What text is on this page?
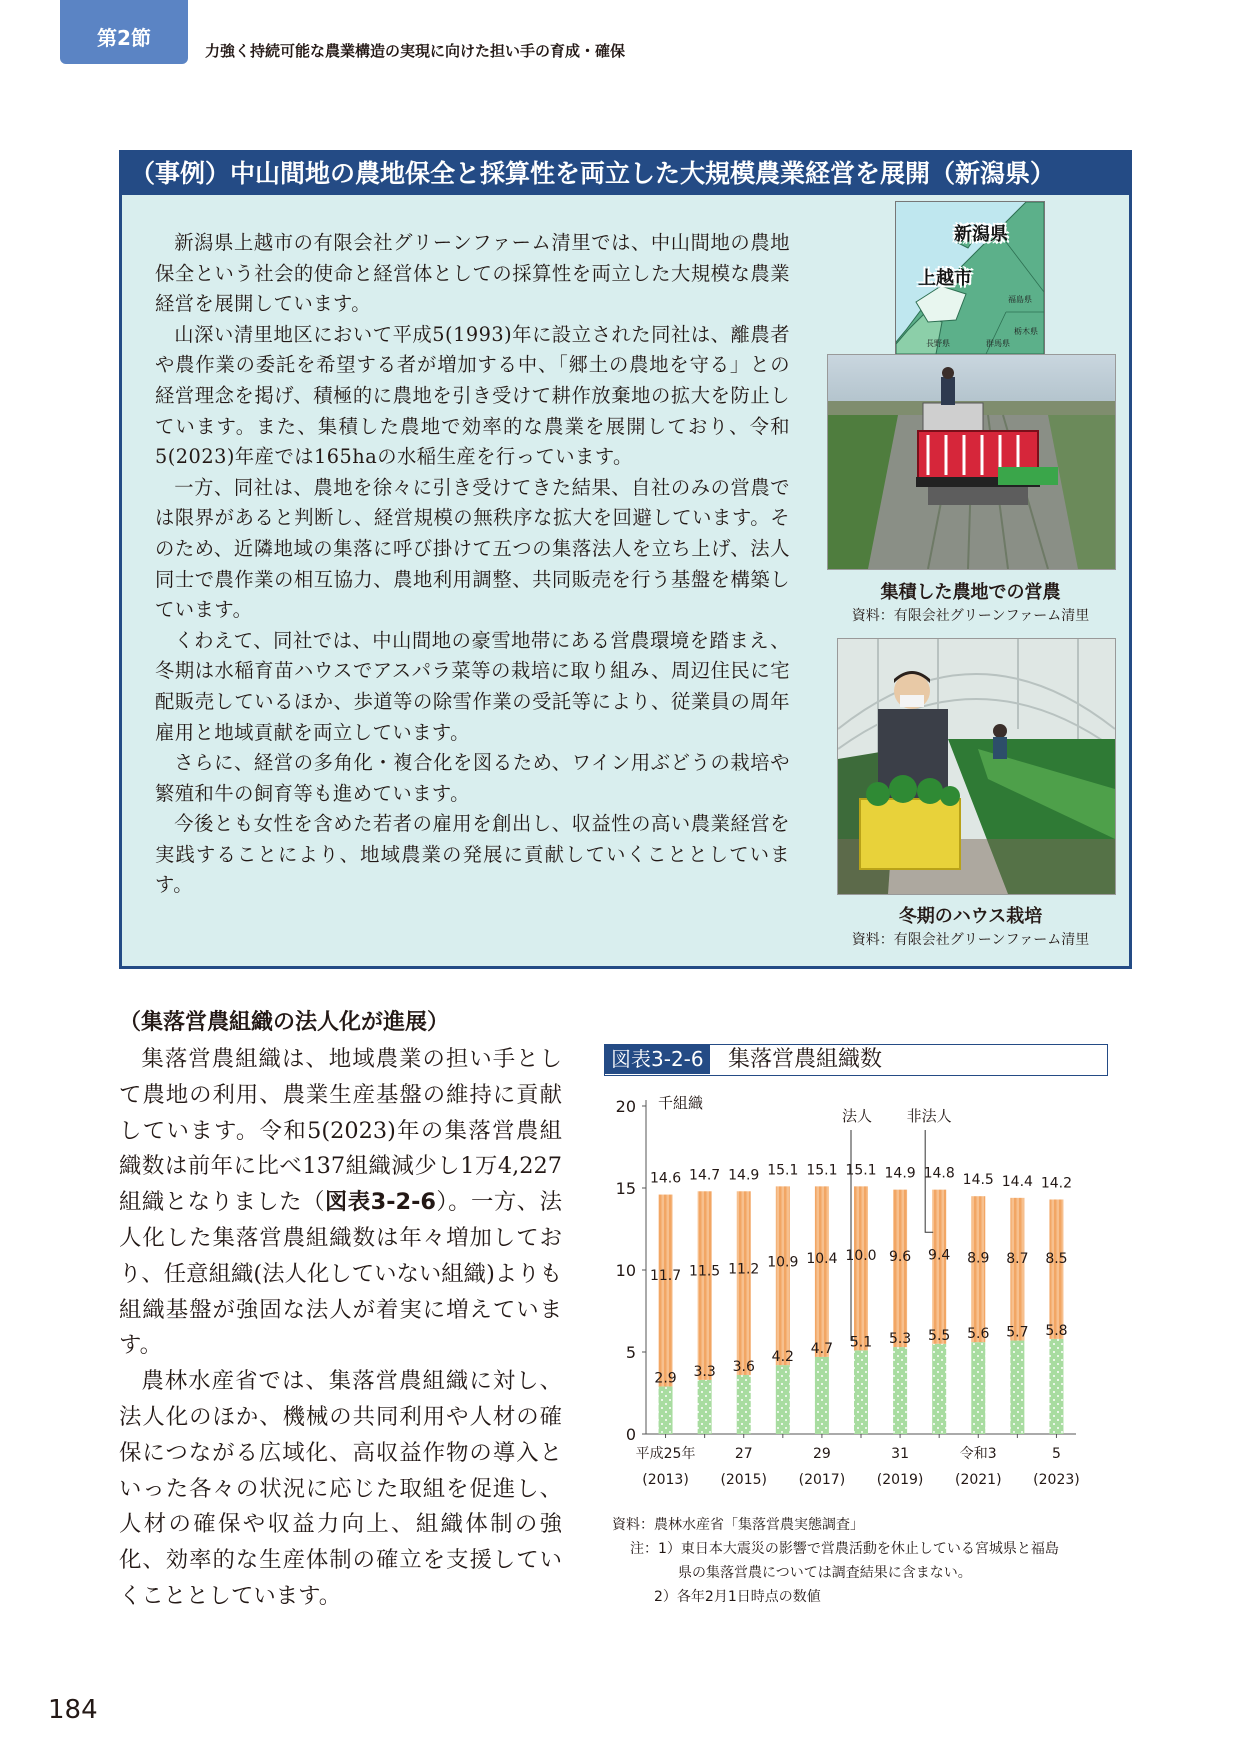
第2節
力強く持続可能な農業構造の実現に向けた担い手の育成・確保
（事例）中山間地の農地保全と採算性を両立した大規模農業経営を展開（新潟県）

新潟県上越市の有限会社グリーンファーム清里では、中山間地の農地保全という社会的使命と経営体としての採算性を両立した大規模な農業経営を展開しています。

山深い清里地区において平成5(1993)年に設立された同社は、離農者や農作業の委託を希望する者が増加する中、「郷土の農地を守る」との経営理念を掲げ、積極的に農地を引き受けて耕作放棄地の拡大を防止しています。また、集積した農地で効率的な農業を展開しており、令和5(2023)年産では165haの水稲生産を行っています。

一方、同社は、農地を徐々に引き受けてきた結果、自社のみの営農では限界があると判断し、経営規模の無秩序な拡大を回避しています。そのため、近隣地域の集落に呼び掛けて五つの集落法人を立ち上げ、法人同士で農作業の相互協力、農地利用調整、共同販売を行う基盤を構築しています。

くわえて、同社では、中山間地の豪雪地帯にある営農環境を踏まえ、冬期は水稲育苗ハウスでアスパラ菜等の栽培に取り組み、周辺住民に宅配販売しているほか、歩道等の除雪作業の受託等により、従業員の周年雇用と地域貢献を両立しています。

さらに、経営の多角化・複合化を図るため、ワイン用ぶどうの栽培や繁殖和牛の飼育等も進めています。

今後とも女性を含めた若者の雇用を創出し、収益性の高い農業経営を実践することにより、地域農業の発展に貢献していくこととしています。

新潟県
上越市
福島県
長野県	群馬県
栃木県
集積した農地での営農
資料：有限会社グリーンファーム清里
冬期のハウス栽培
資料：有限会社グリーンファーム清里
（集落営農組織の法人化が進展）

集落営農組織は、地域農業の担い手として農地の利用、農業生産基盤の維持に貢献しています。令和5(2023)年の集落営農組織数は前年に比べ137組織減少し1万4,227組織となりました（図表3-2-6）。一方、法人化した集落営農組織数は年々増加しており、任意組織(法人化していない組織)よりも組織基盤が強固な法人が着実に増えています。

農林水産省では、集落営農組織に対し、法人化のほか、機械の共同利用や人材の確保につながる広域化、高収益作物の導入といった各々の状況に応じた取組を促進し、人材の確保や収益力向上、組織体制の強化、効率的な生産体制の確立を支援していくこととしています。

図表3-2-6 集落営農組織数
0
5
10
15
20 千組織
2.9
11.7
14.6
3.3
11.5
14.7
3.6
11.2
14.9
4.2
10.9
15.1
4.7
10.4
15.1
5.1
10.0
15.1
5.3
9.6
14.9
5.5
9.4
14.8
5.6
8.9
14.5
5.7
8.7
14.4
5.8
8.5
14.2
平成25年
(2013)
27
(2015)
29
(2017)
31
(2019)
令和3
(2021)
5
(2023)
法人 非法人
資料：農林水産省「集落営農実態調査」
注：1）東日本大震災の影響で営農活動を休止している宮城県と福島
県の集落営農については調査結果に含まない。
2）各年2月1日時点の数値
184
